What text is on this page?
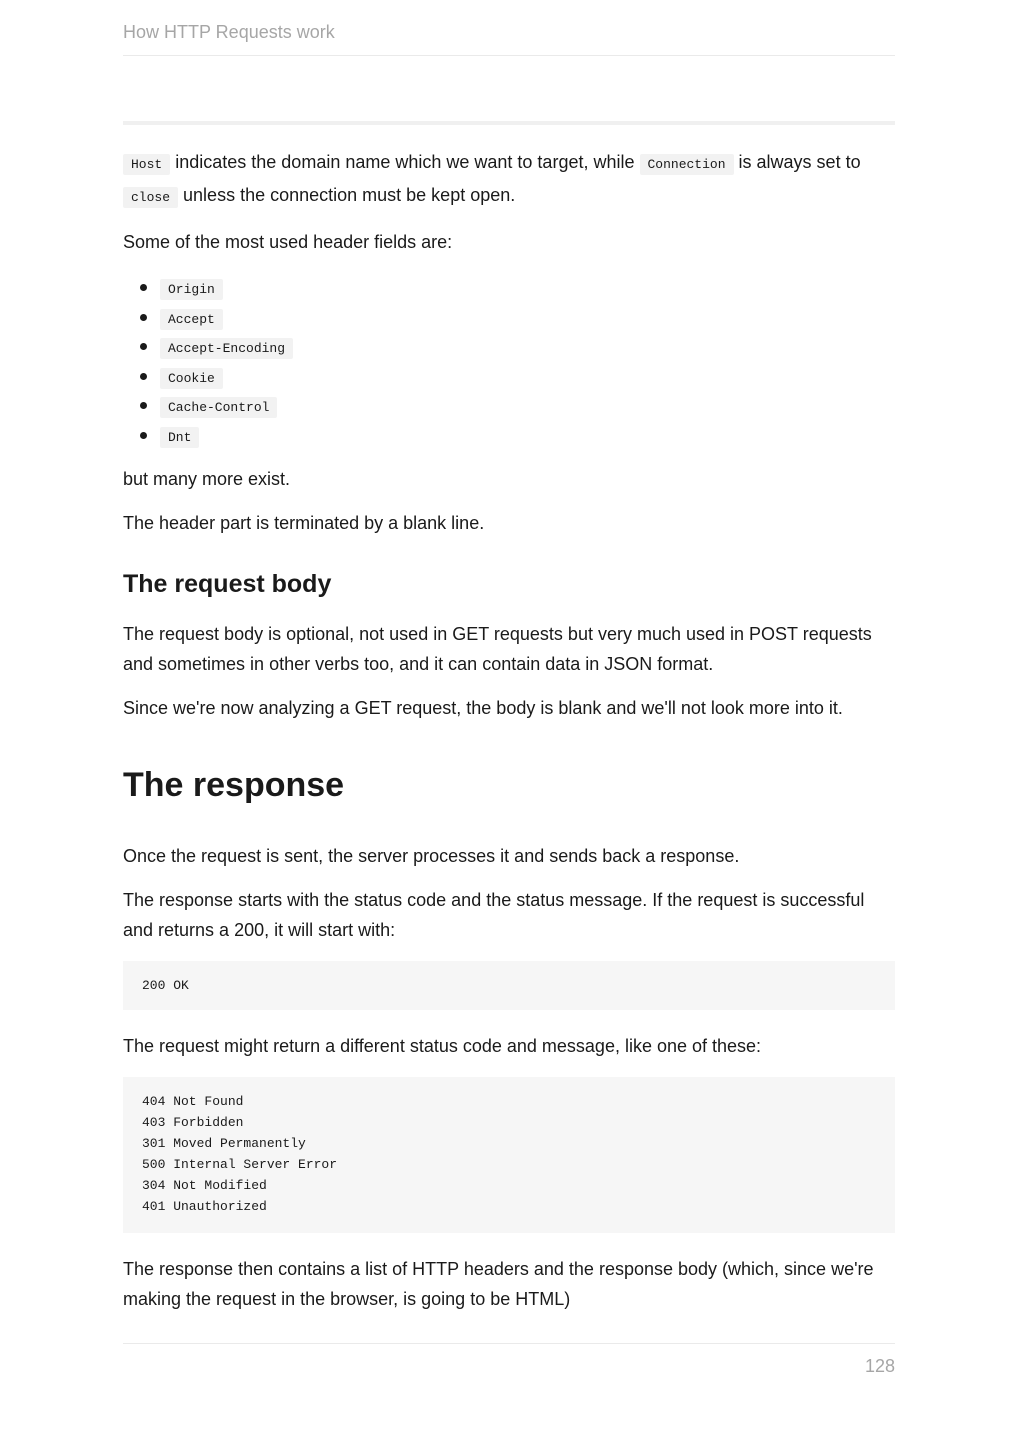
How HTTP Requests work

Host indicates the domain name which we want to target, while Connection is always set to close unless the connection must be kept open.

Some of the most used header fields are:

Origin
Accept
Accept-Encoding
Cookie
Cache-Control
Dnt

but many more exist.

The header part is terminated by a blank line.

The request body

The request body is optional, not used in GET requests but very much used in POST requests and sometimes in other verbs too, and it can contain data in JSON format.

Since we're now analyzing a GET request, the body is blank and we'll not look more into it.

The response

Once the request is sent, the server processes it and sends back a response.

The response starts with the status code and the status message. If the request is successful and returns a 200, it will start with:

200 OK

The request might return a different status code and message, like one of these:

404 Not Found
403 Forbidden
301 Moved Permanently
500 Internal Server Error
304 Not Modified
401 Unauthorized

The response then contains a list of HTTP headers and the response body (which, since we're making the request in the browser, is going to be HTML)

128
